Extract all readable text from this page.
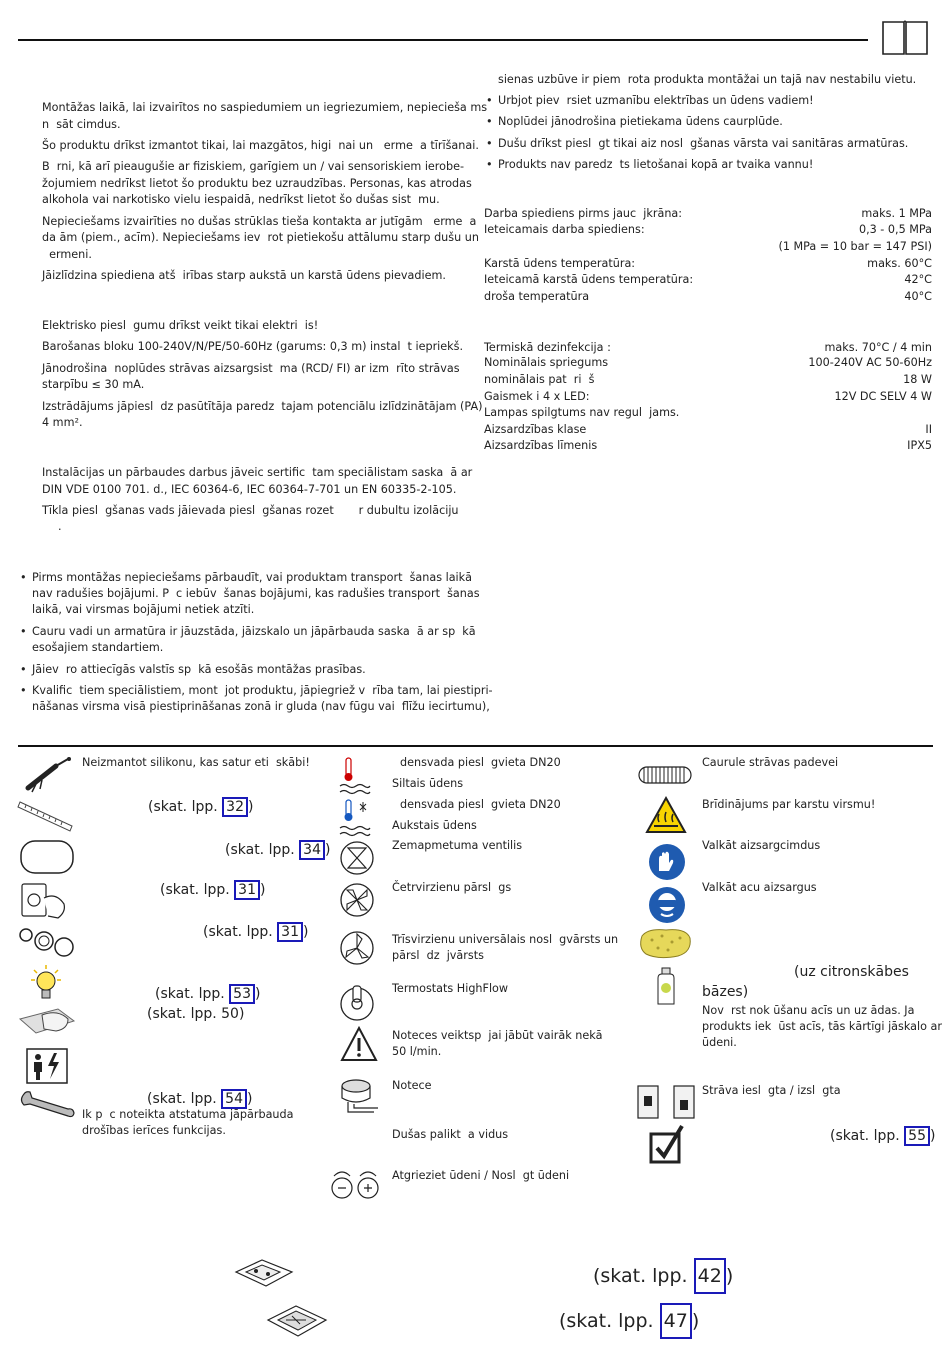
Montāžas laikā, lai izvairītos no saspiedumiem un iegriezumiem, nepiecieša ms
n  sāt cimdus.
Šo produktu drīkst izmantot tikai, lai mazgātos, higi  nai un   erme  a tīrīšanai.
B  rni, kā arī pieaugušie ar fiziskiem, garīgiem un / vai sensoriskiem ierobe-
žojumiem nedrīkst lietot šo produktu bez uzraudzības. Personas, kas atrodas
alkohola vai narkotisko vielu iespaidā, nedrīkst lietot šo dušas sist  mu.
Nepieciešams izvairīties no dušas strūklas tieša kontakta ar jutīgām   erme  a
da ām (piem., acīm). Nepieciešams iev  rot pietiekošu attālumu starp dušu un
ermeni.
Jāizlīdzina spiediena atš  irības starp aukstā un karstā ūdens pievadiem.
Elektrisko piesl  gumu drīkst veikt tikai elektri  is!
Barošanas bloku 100-240V/N/PE/50-60Hz (garums: 0,3 m) instal  t iepriekš.
Jānodrošina  noplūdes strāvas aizsargsist  ma (RCD/ FI) ar izm  rīto strāvas
starpību ≤ 30 mA.
Izstrādājums jāpiesl  dz pasūtītāja paredz  tajam potenciālu izlīdzinātājam (PA)
4 mm².
Instalācijas un pārbaudes darbus jāveic sertific  tam speciālistam saska  ā ar
DIN VDE 0100 701. d., IEC 60364-6, IEC 60364-7-701 un EN 60335-2-105.
Tīkla piesl  gšanas vads jāievada piesl  gšanas rozet       r dubultu izolāciju
.
• Pirms montāžas nepieciešams pārbaudīt, vai produktam transport  šanas laikā
nav radušies bojājumi. P  c iebūv  šanas bojājumi, kas radušies transport  šanas
laikā, vai virsmas bojājumi netiek atzīti.
• Cauru vadi un armatūra ir jāuzstāda, jāizskalo un jāpārbauda saska  ā ar sp  kā
esošajiem standartiem.
• Jāiev  ro attiecīgās valstīs sp  kā esošās montāžas prasības.
• Kvalific  tiem speciālistiem, mont  jot produktu, jāpiegriež v  rība tam, lai piestipri-
nāšanas virsma visā piestiprināšanas zonā ir gluda (nav fūgu vai  flīžu iecirtumu),
sienas uzbūve ir piem  rota produkta montāžai un tajā nav nestabilu vietu.
• Urbjot piev  rsiet uzmanību elektrības un ūdens vadiem!
• Noplūdei jānodrošina pietiekama ūdens caurplūde.
• Dušu drīkst piesl  gt tikai aiz nosl  gšanas vārsta vai sanitāras armatūras.
• Produkts nav paredz  ts lietošanai kopā ar tvaika vannu!
Darba spiediens pirms jauc  jkrāna:	maks. 1 MPa
Ieteicamais darba spiediens:	0,3 - 0,5 MPa
(1 MPa = 10 bar = 147 PSI)
Karstā ūdens temperatūra:	maks. 60°C
Ieteicamā karstā ūdens temperatūra:	42°C
droša temperatūra	40°C
Termiskā dezinfekcija :	maks. 70°C / 4 min
Nominālais spriegums	100-240V AC 50-60Hz
nominālais pat  ri  š	18 W
Gaismek i 4 x LED:	12V DC SELV 4 W
Lampas spilgtums nav regul  jams.
Aizsardzības klase	II
Aizsardzības līmenis	IPX5
Neizmantot silikonu, kas satur eti  skābi!
(skat. lpp. 32 )
(skat. lpp. 34 )
(skat. lpp. 31 )
(skat. lpp. 31 )
(skat. lpp. 53 )
(skat. lpp. 50)
(skat. lpp. 54 )
Ik p  c noteikta atstatuma jāpārbauda
drošības ierīces funkcijas.
densvada piesl  gvieta DN20
Siltais ūdens
densvada piesl  gvieta DN20
Aukstais ūdens
Zemapmetuma ventilis
Četrvirzienu pārsl  gs
Trīsvirzienu universālais nosl  gvārsts un
pārsl  dz  jvārsts
Termostats HighFlow
Noteces veiktsp  jai jābūt vairāk nekā
50 l/min.
Notece
Dušas palikt  a vidus
Atgrieziet ūdeni / Nosl  gt ūdeni
Caurule strāvas padevei
Brīdinājums par karstu virsmu!
Valkāt aizsargcimdus
Valkāt acu aizsargus
(uz citronskābes
bāzes)
Nov  rst nok ūšanu acīs un uz ādas. Ja
produkts iek  ūst acīs, tās kārtīgi jāskalo ar
ūdeni.
Strāva iesl  gta / izsl  gta
(skat. lpp. 55 )
(skat. lpp. 42 )
(skat. lpp. 47 )
